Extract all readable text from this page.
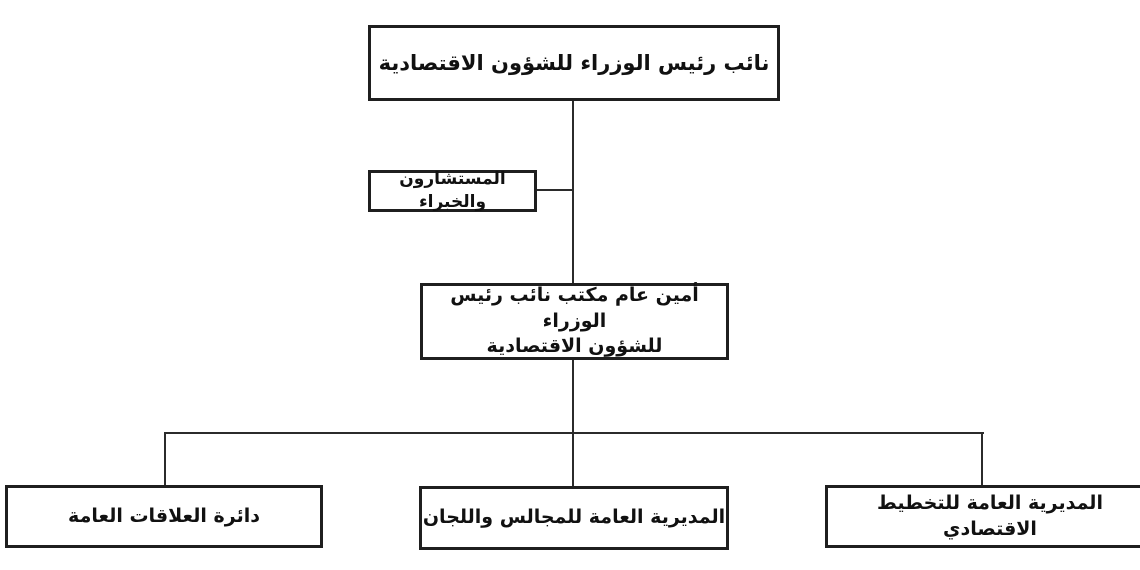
نائب رئيس الوزراء للشؤون الاقتصادية
المستشارون والخبراء
أمين عام مكتب نائب رئيس الوزراء
للشؤون الاقتصادية
دائرة العلاقات العامة	المديرية العامة للمجالس واللجان
المديرية العامة للتخطيط الاقتصادي
